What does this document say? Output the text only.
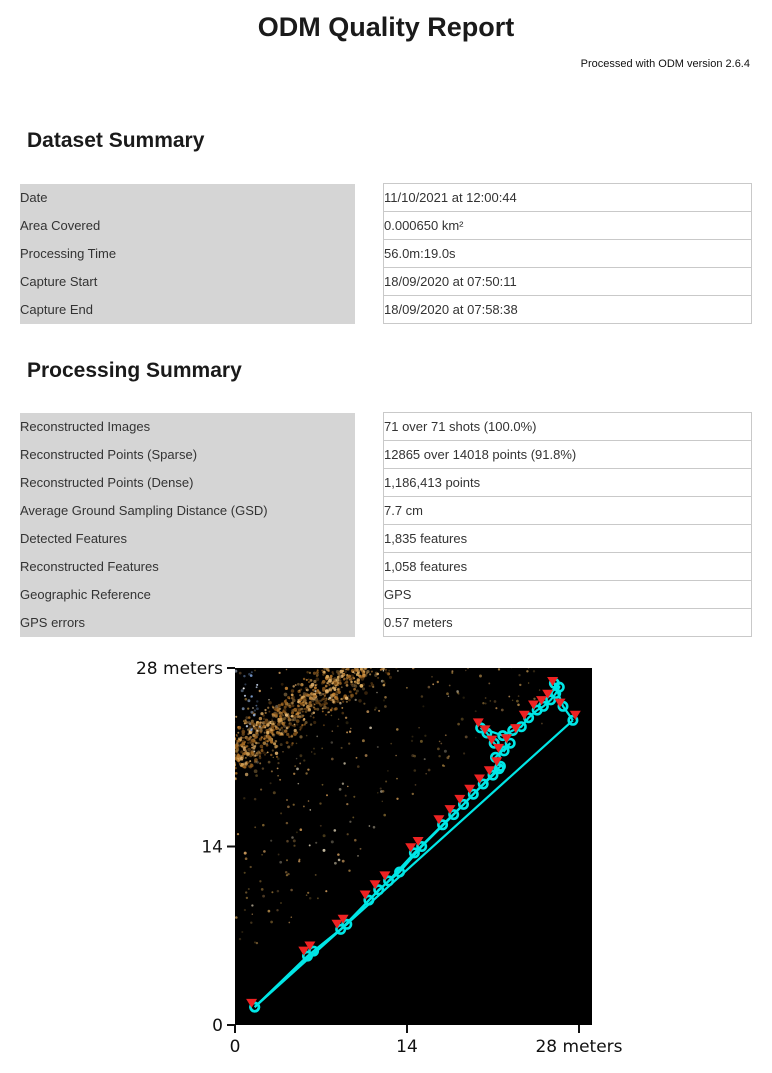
ODM Quality Report
Processed with ODM version 2.6.4
Dataset Summary
Date		11/10/2021 at 12:00:44
Area Covered		0.000650 km²
Processing Time		56.0m:19.0s
Capture Start		18/09/2020 at 07:50:11
Capture End		18/09/2020 at 07:58:38
Processing Summary
Reconstructed Images		71 over 71 shots (100.0%)
Reconstructed Points (Sparse)		12865 over 14018 points (91.8%)
Reconstructed Points (Dense)		1,186,413 points
Average Ground Sampling Distance (GSD)		7.7 cm
Detected Features		1,835 features
Reconstructed Features		1,058 features
Geographic Reference		GPS
GPS errors		0.57 meters
0
14
28 meters
0	14	28 meters
